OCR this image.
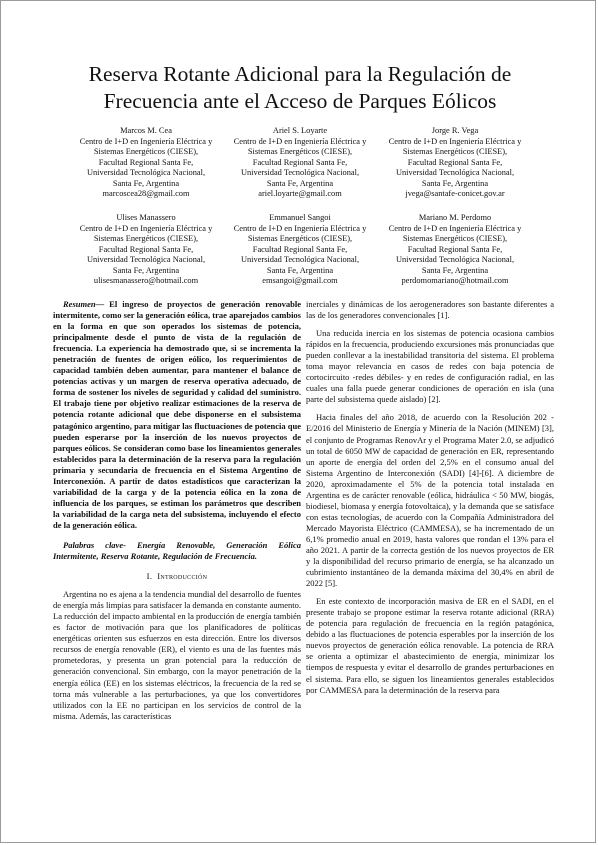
Reserva Rotante Adicional para la Regulación de Frecuencia ante el Acceso de Parques Eólicos

Marcos M. Cea

Centro de I+D en Ingeniería Eléctrica y

Sistemas Energéticos (CIESE),

Facultad Regional Santa Fe,

Universidad Tecnológica Nacional,

Santa Fe, Argentina

marcoscea28@gmail.com

Ariel S. Loyarte

Centro de I+D en Ingeniería Eléctrica y

Sistemas Energéticos (CIESE),

Facultad Regional Santa Fe,

Universidad Tecnológica Nacional,

Santa Fe, Argentina

ariel.loyarte@gmail.com

Jorge R. Vega

Centro de I+D en Ingeniería Eléctrica y

Sistemas Energéticos (CIESE),

Facultad Regional Santa Fe,

Universidad Tecnológica Nacional,

Santa Fe, Argentina

jvega@santafe-conicet.gov.ar

Ulises Manassero

Centro de I+D en Ingeniería Eléctrica y

Sistemas Energéticos (CIESE),

Facultad Regional Santa Fe,

Universidad Tecnológica Nacional,

Santa Fe, Argentina

ulisesmanassero@hotmail.com

Emmanuel Sangoi

Centro de I+D en Ingeniería Eléctrica y

Sistemas Energéticos (CIESE),

Facultad Regional Santa Fe,

Universidad Tecnológica Nacional,

Santa Fe, Argentina

emsangoi@gmail.com

Mariano M. Perdomo

Centro de I+D en Ingeniería Eléctrica y

Sistemas Energéticos (CIESE),

Facultad Regional Santa Fe,

Universidad Tecnológica Nacional,

Santa Fe, Argentina

perdomomariano@hotmail.com

Resumen— El ingreso de proyectos de generación renovable intermitente, como ser la generación eólica, trae aparejados cambios en la forma en que son operados los sistemas de potencia, principalmente desde el punto de vista de la regulación de frecuencia. La experiencia ha demostrado que, si se incrementa la penetración de fuentes de origen eólico, los requerimientos de capacidad también deben aumentar, para mantener el balance de potencias activas y un margen de reserva operativa adecuado, de forma de sostener los niveles de seguridad y calidad del suministro. El trabajo tiene por objetivo realizar estimaciones de la reserva de potencia rotante adicional que debe disponerse en el subsistema patagónico argentino, para mitigar las fluctuaciones de potencia que pueden esperarse por la inserción de los nuevos proyectos de parques eólicos. Se consideran como base los lineamientos generales establecidos para la determinación de la reserva para la regulación primaria y secundaria de frecuencia en el Sistema Argentino de Interconexión. A partir de datos estadísticos que caracterizan la variabilidad de la carga y de la potencia eólica en la zona de influencia de los parques, se estiman los parámetros que describen la variabilidad de la carga neta del subsistema, incluyendo el efecto de la generación eólica.

Palabras clave- Energía Renovable, Generación Eólica Intermitente, Reserva Rotante, Regulación de Frecuencia.

I. Introducción

Argentina no es ajena a la tendencia mundial del desarrollo de fuentes de energía más limpias para satisfacer la demanda en constante aumento. La reducción del impacto ambiental en la producción de energía también es factor de motivación para que los planificadores de políticas energéticas orienten sus esfuerzos en esta dirección. Entre los diversos recursos de energía renovable (ER), el viento es una de las fuentes más prometedoras, y presenta un gran potencial para la reducción de generación convencional. Sin embargo, con la mayor penetración de la energía eólica (EE) en los sistemas eléctricos, la frecuencia de la red se torna más vulnerable a las perturbaciones, ya que los convertidores utilizados con la EE no participan en los servicios de control de la misma. Además, las características

inerciales y dinámicas de los aerogeneradores son bastante diferentes a las de los generadores convencionales [1].

Una reducida inercia en los sistemas de potencia ocasiona cambios rápidos en la frecuencia, produciendo excursiones más pronunciadas que pueden conllevar a la inestabilidad transitoria del sistema. El problema toma mayor relevancia en casos de redes con baja potencia de cortocircuito -redes débiles- y en redes de configuración radial, en las cuales una falla puede generar condiciones de operación en isla (una parte del subsistema quede aislado) [2].

Hacia finales del año 2018, de acuerdo con la Resolución 202 - E/2016 del Ministerio de Energía y Minería de la Nación (MINEM) [3], el conjunto de Programas RenovAr y el Programa Mater 2.0, se adjudicó un total de 6050 MW de capacidad de generación en ER, representando un aporte de energía del orden del 2,5% en el consumo anual del Sistema Argentino de Interconexión (SADI) [4]-[6]. A diciembre de 2020, aproximadamente el 5% de la potencia total instalada en Argentina es de carácter renovable (eólica, hidráulica < 50 MW, biogás, biodiesel, biomasa y energía fotovoltaica), y la demanda que se satisface con estas tecnologías, de acuerdo con la Compañía Administradora del Mercado Mayorista Eléctrico (CAMMESA), se ha incrementado de un 6,1% promedio anual en 2019, hasta valores que rondan el 13% para el año 2021. A partir de la correcta gestión de los nuevos proyectos de ER y la disponibilidad del recurso primario de energía, se ha alcanzado un cubrimiento instantáneo de la demanda máxima del 30,4% en abril de 2022 [5].

En este contexto de incorporación masiva de ER en el SADI, en el presente trabajo se propone estimar la reserva rotante adicional (RRA) de potencia para regulación de frecuencia en la región patagónica, debido a las fluctuaciones de potencia esperables por la inserción de los nuevos proyectos de generación eólica renovable. La potencia de RRA se orienta a optimizar el abastecimiento de energía, minimizar los tiempos de respuesta y evitar el desarrollo de grandes perturbaciones en el sistema. Para ello, se siguen los lineamientos generales establecidos por CAMMESA para la determinación de la reserva para
